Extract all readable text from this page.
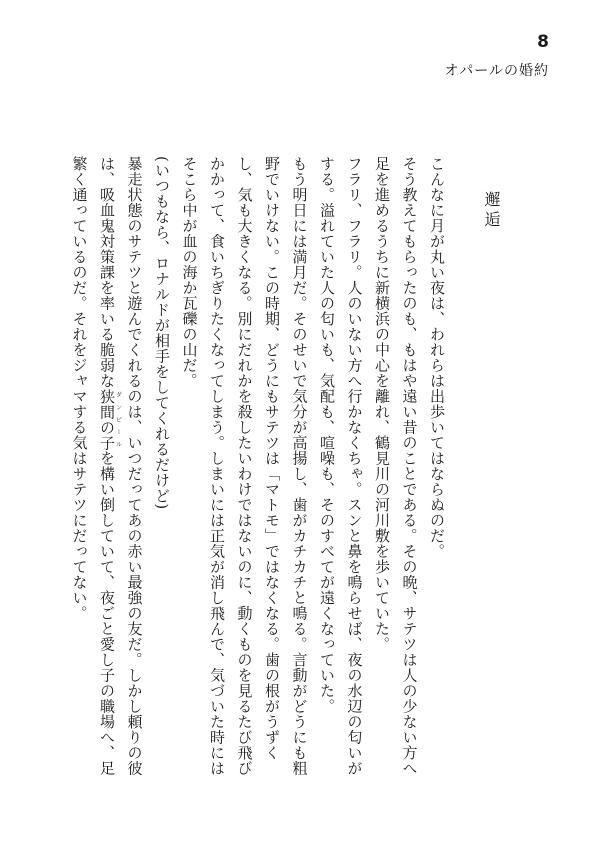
8
オパールの婚約
邂逅

こんなに月が丸い夜は、われらは出歩いてはならぬのだ。

そう教えてもらったのも、もはや遠い昔のことである。その晩、サテツは人の少ない方へ足を進めるうちに新横浜の中心を離れ、鶴見川の河川敷を歩いていた。

フラリ、フラリ。人のいない方へ行かなくちゃ。スンと鼻を鳴らせば、夜の水辺の匂いがする。溢れていた人の匂いも、気配も、喧噪も、そのすべてが遠くなっていた。

もう明日には満月だ。そのせいで気分が高揚し、歯がカチカチと鳴る。言動がどうにも粗野でいけない。この時期、どうにもサテツは「マトモ」ではなくなる。歯の根がうずくし、気も大きくなる。別にだれかを殺したいわけではないのに、動くものを見るたび飛びかかって、食いちぎりたくなってしまう。しまいには正気が消し飛んで、気づいた時にはそこら中が血の海か瓦礫の山だ。

(いつもなら、ロナルドが相手をしてくれるだけど)

暴走状態のサテツと遊んでくれるのは、いつだってあの赤い最強の友だ。しかし頼りの彼は、吸血鬼対策課を率いる脆弱な狭間の子ダンピールを構い倒していて、夜ごと愛し子の職場へ、足繁く通っているのだ。それをジャマする気はサテツにだってない。
